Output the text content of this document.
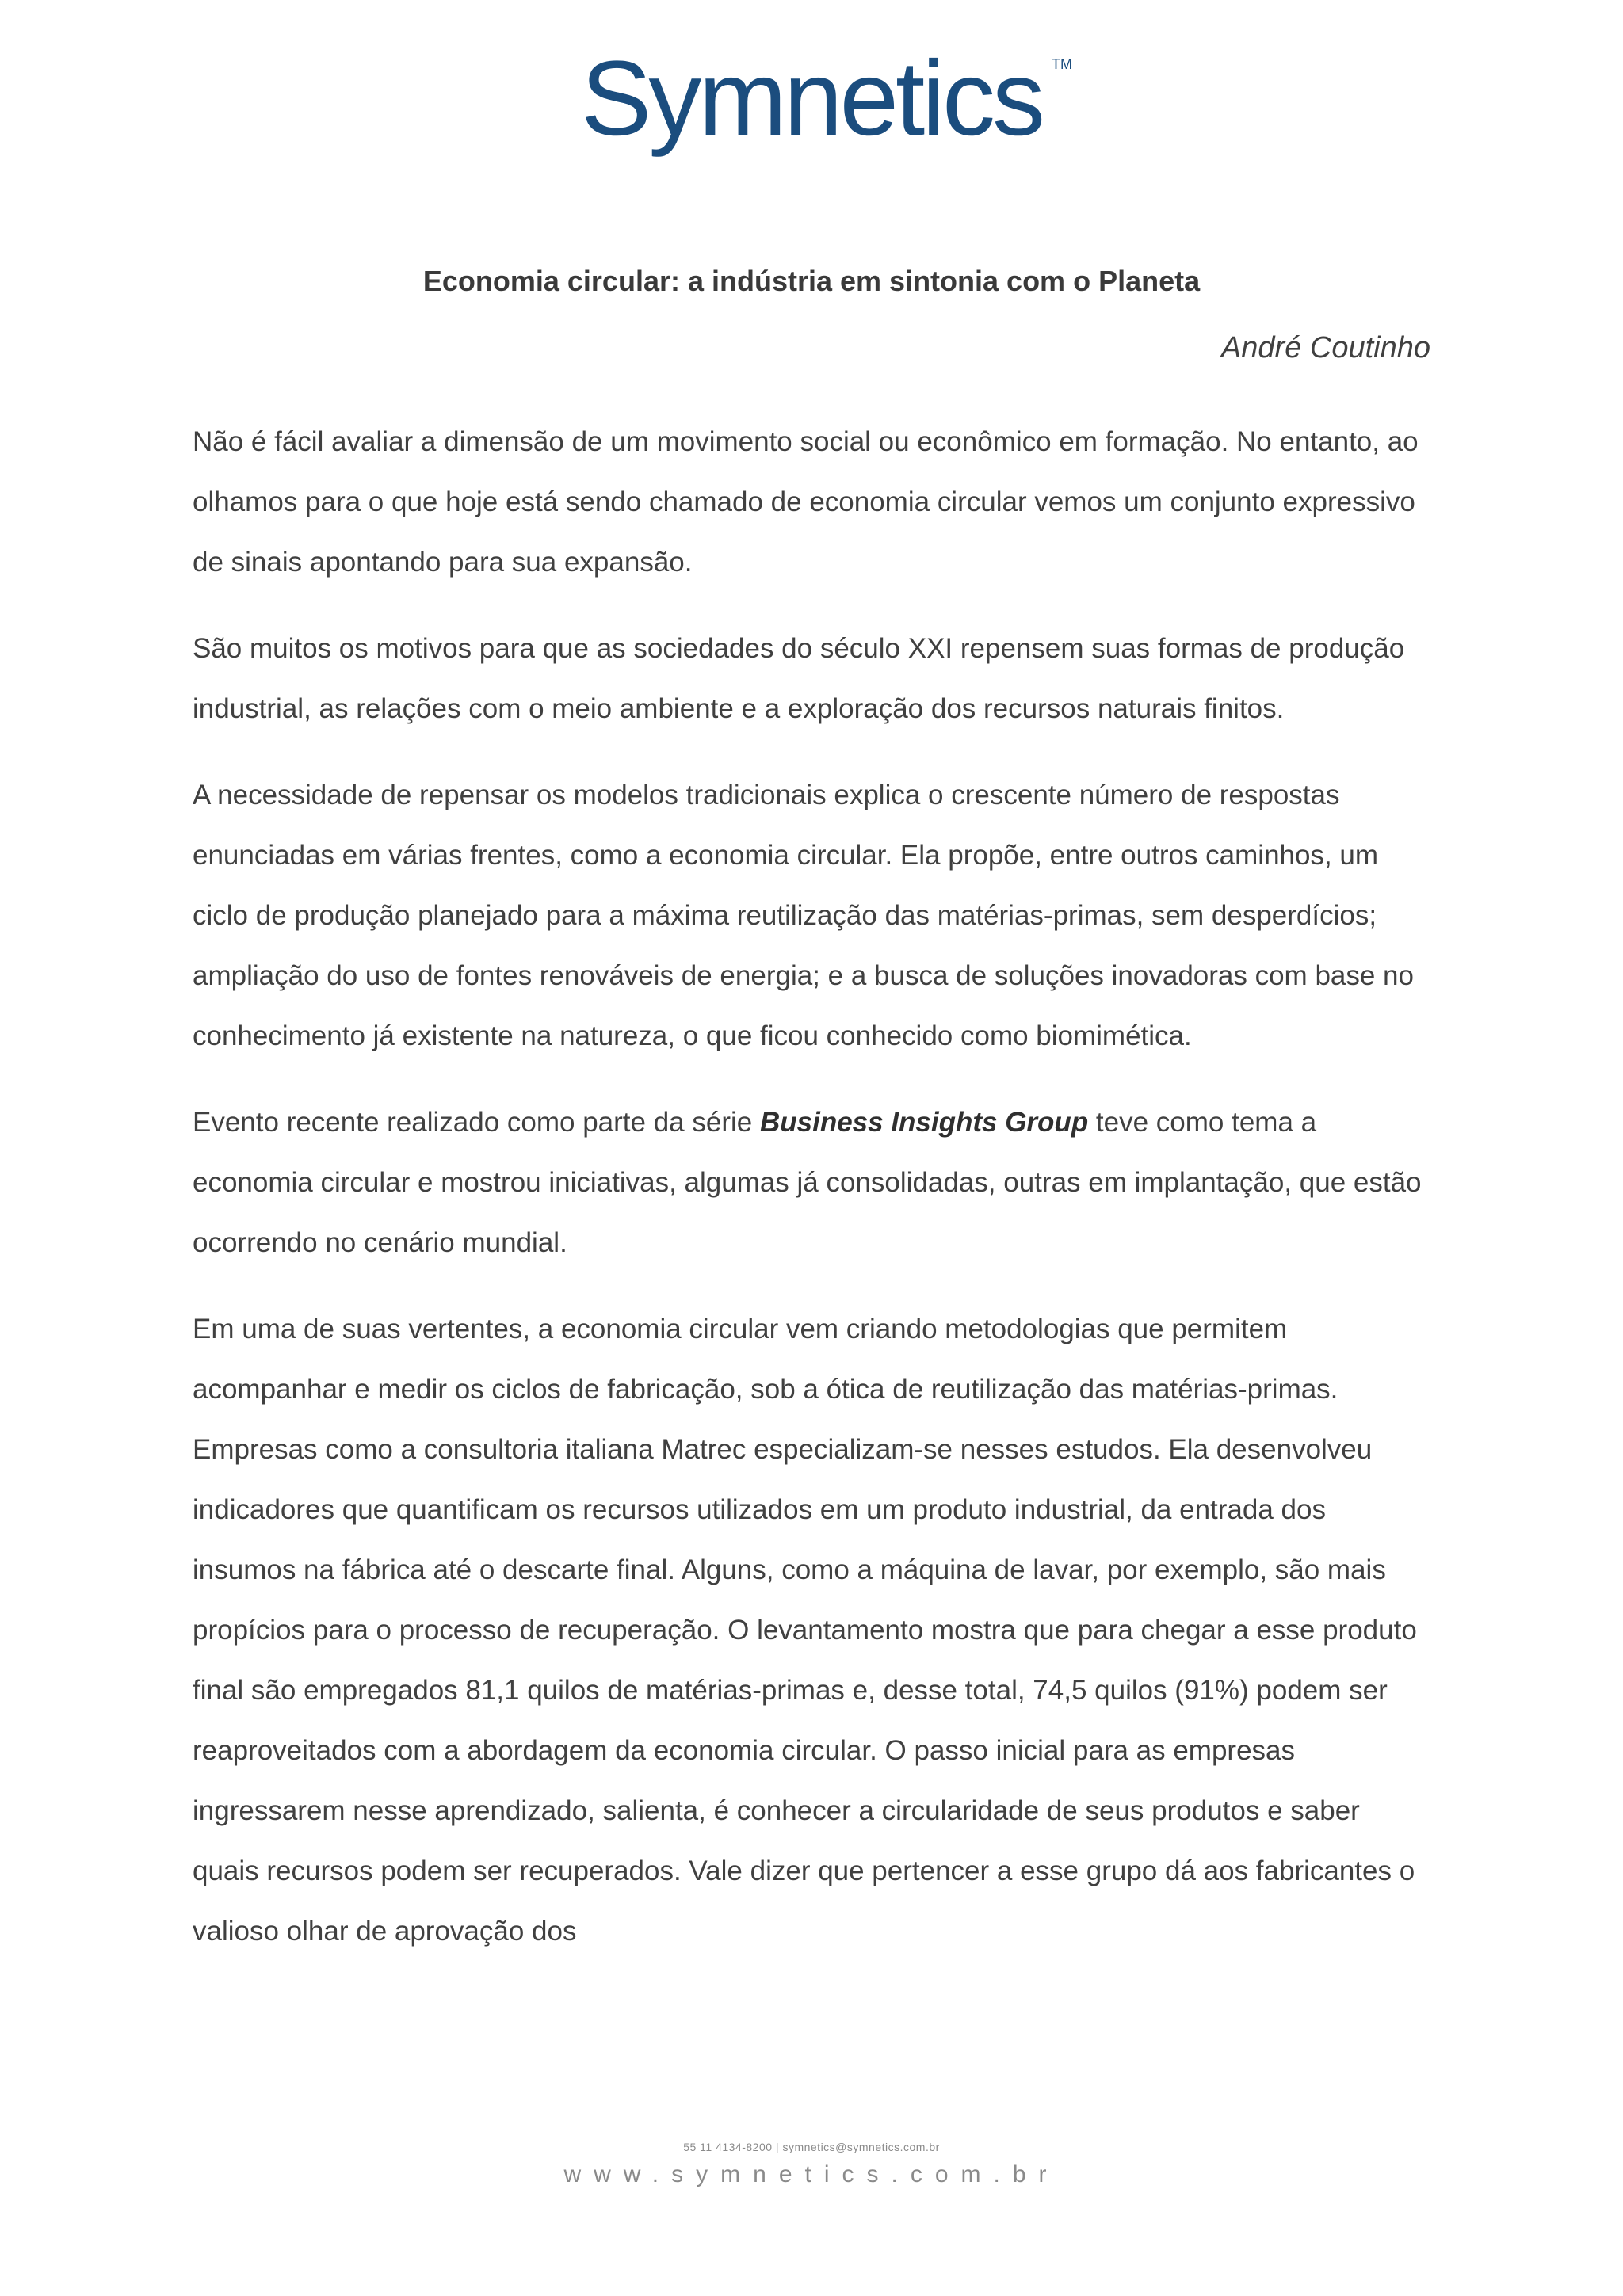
Symnetics TM
Economia circular: a indústria em sintonia com o Planeta
André Coutinho

Não é fácil avaliar a dimensão de um movimento social ou econômico em formação. No entanto, ao olhamos para o que hoje está sendo chamado de economia circular vemos um conjunto expressivo de sinais apontando para sua expansão.

São muitos os motivos para que as sociedades do século XXI repensem suas formas de produção industrial, as relações com o meio ambiente e a exploração dos recursos naturais finitos.

A necessidade de repensar os modelos tradicionais explica o crescente número de respostas enunciadas em várias frentes, como a economia circular. Ela propõe, entre outros caminhos, um ciclo de produção planejado para a máxima reutilização das matérias-primas, sem desperdícios; ampliação do uso de fontes renováveis de energia; e a busca de soluções inovadoras com base no conhecimento já existente na natureza, o que ficou conhecido como biomimética.

Evento recente realizado como parte da série Business Insights Group teve como tema a economia circular e mostrou iniciativas, algumas já consolidadas, outras em implantação, que estão ocorrendo no cenário mundial.

Em uma de suas vertentes, a economia circular vem criando metodologias que permitem acompanhar e medir os ciclos de fabricação, sob a ótica de reutilização das matérias-primas. Empresas como a consultoria italiana Matrec especializam-se nesses estudos. Ela desenvolveu indicadores que quantificam os recursos utilizados em um produto industrial, da entrada dos insumos na fábrica até o descarte final. Alguns, como a máquina de lavar, por exemplo, são mais propícios para o processo de recuperação. O levantamento mostra que para chegar a esse produto final são empregados 81,1 quilos de matérias-primas e, desse total, 74,5 quilos (91%) podem ser reaproveitados com a abordagem da economia circular. O passo inicial para as empresas ingressarem nesse aprendizado, salienta, é conhecer a circularidade de seus produtos e saber quais recursos podem ser recuperados. Vale dizer que pertencer a esse grupo dá aos fabricantes o valioso olhar de aprovação dos

55 11 4134-8200 | symnetics@symnetics.com.br
www.symnetics.com.br
